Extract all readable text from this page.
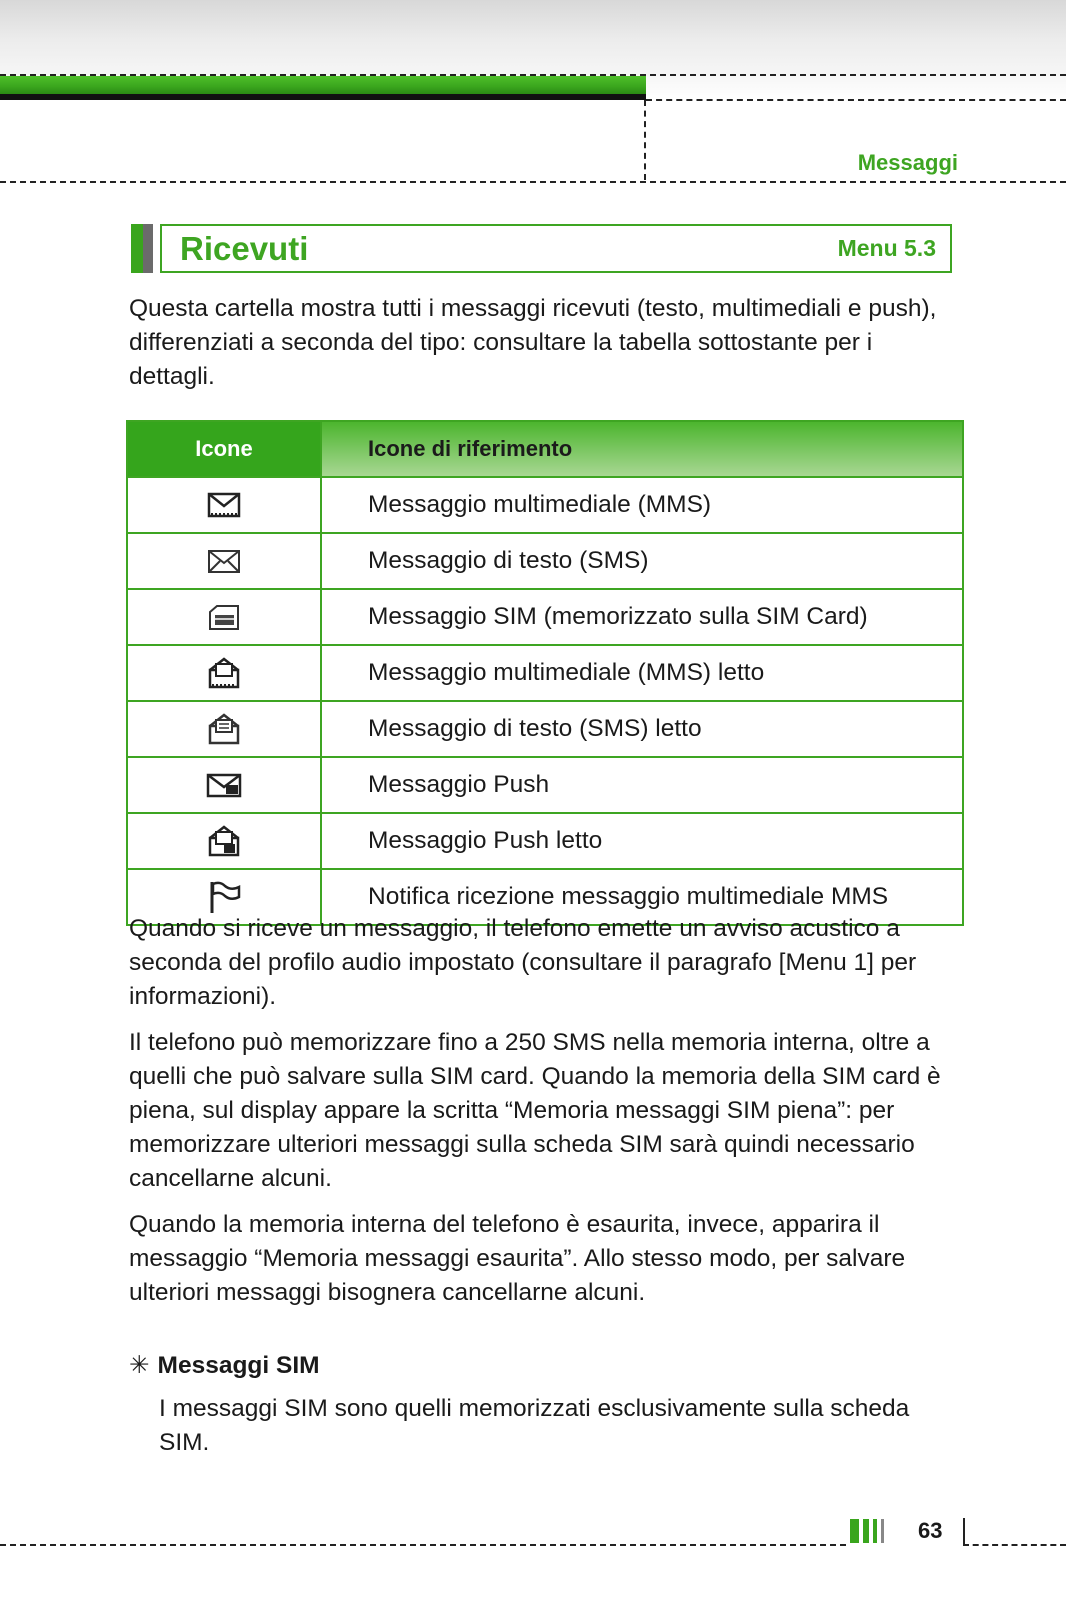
Messaggi
Ricevuti	Menu 5.3

Questa cartella mostra tutti i messaggi ricevuti (testo, multimediali e push), differenziati a seconda del tipo: consultare la tabella sottostante per i dettagli.

Icone	Icone di riferimento
	Messaggio multimediale (MMS)
	Messaggio di testo (SMS)
	Messaggio SIM (memorizzato sulla SIM Card)
	Messaggio multimediale (MMS) letto
	Messaggio di testo (SMS) letto
	Messaggio Push
	Messaggio Push letto
	Notifica ricezione messaggio multimediale MMS

Quando si riceve un messaggio, il telefono emette un avviso acustico a seconda del profilo audio impostato (consultare il paragrafo [Menu 1] per informazioni).

Il telefono può memorizzare fino a 250 SMS nella memoria interna, oltre a quelli che può salvare sulla SIM card. Quando la memoria della SIM card è piena, sul display appare la scritta “Memoria messaggi SIM piena”: per memorizzare ulteriori messaggi sulla scheda SIM sarà quindi necessario cancellarne alcuni.

Quando la memoria interna del telefono è esaurita, invece, apparira il messaggio “Memoria messaggi esaurita”. Allo stesso modo, per salvare ulteriori messaggi bisognera cancellarne alcuni.

✳ Messaggi SIM

I messaggi SIM sono quelli memorizzati esclusivamente sulla scheda SIM.

63
